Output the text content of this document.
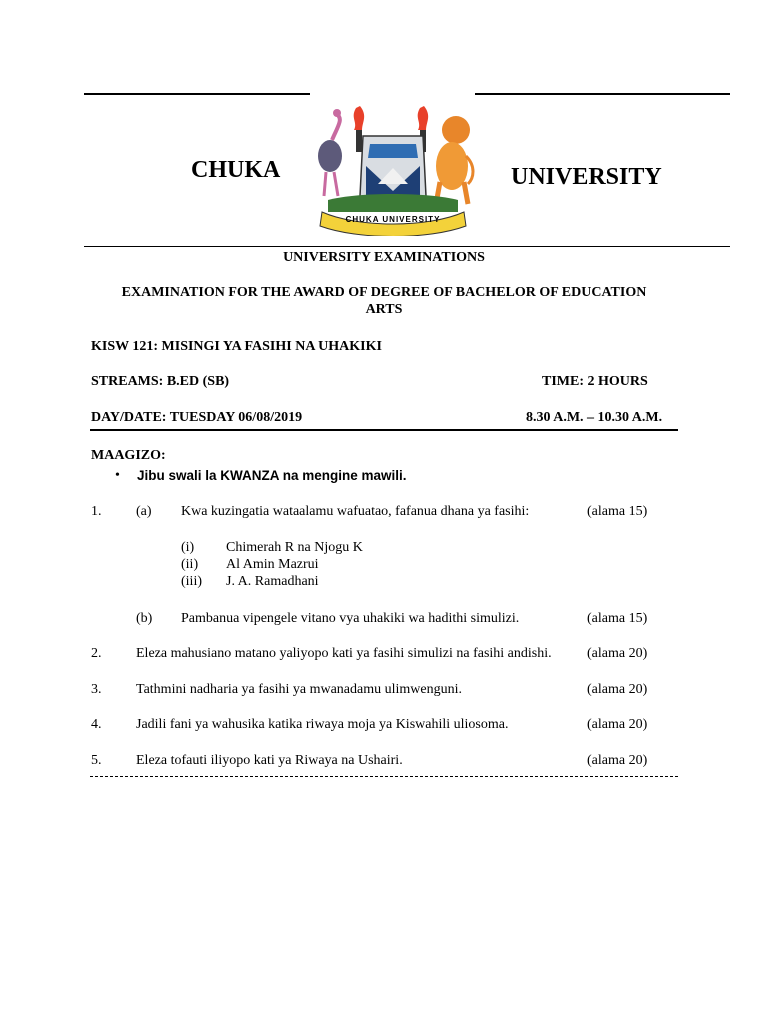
CHUKA	UNIVERSITY
CHUKA UNIVERSITY
UNIVERSITY EXAMINATIONS
EXAMINATION FOR THE AWARD OF DEGREE OF BACHELOR OF EDUCATION
ARTS
KISW 121: MISINGI YA FASIHI NA UHAKIKI
STREAMS: B.ED (SB)	TIME: 2 HOURS
DAY/DATE: TUESDAY 06/08/2019	8.30 A.M. – 10.30 A.M.
MAAGIZO:
• Jibu swali la KWANZA na mengine mawili.
1. (a) Kwa kuzingatia wataalamu wafuatao, fafanua dhana ya fasihi:	(alama 15)
(i) Chimerah R na Njogu K
(ii) Al Amin Mazrui
(iii) J. A. Ramadhani
(b) Pambanua vipengele vitano vya uhakiki wa hadithi simulizi.	(alama 15)
2. Eleza mahusiano matano yaliyopo kati ya fasihi simulizi na fasihi andishi.	(alama 20)
3. Tathmini nadharia ya fasihi ya mwanadamu ulimwenguni.	(alama 20)
4. Jadili fani ya wahusika katika riwaya moja ya Kiswahili uliosoma.	(alama 20)
5. Eleza tofauti iliyopo kati ya Riwaya na Ushairi.	(alama 20)
